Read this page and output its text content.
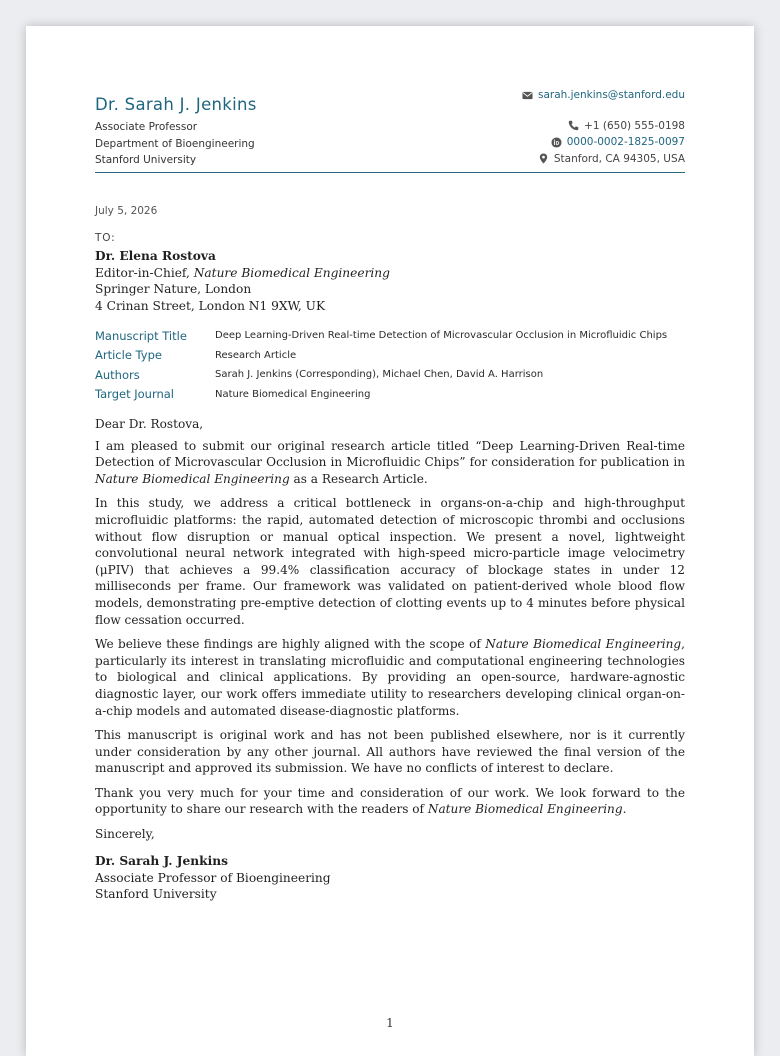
Dr. Sarah J. Jenkins
Associate Professor
Department of Bioengineering
Stanford University
sarah.jenkins@stanford.edu
+1 (650) 555-0198
0000-0002-1825-0097
Stanford, CA 94305, USA
July 5, 2026
TO:
Dr. Elena Rostova
Editor-in-Chief, Nature Biomedical Engineering
Springer Nature, London
4 Crinan Street, London N1 9XW, UK
Manuscript Title	Deep Learning-Driven Real-time Detection of Microvascular Occlusion in Microfluidic Chips
Article Type	Research Article
Authors	Sarah J. Jenkins (Corresponding), Michael Chen, David A. Harrison
Target Journal	Nature Biomedical Engineering

Dear Dr. Rostova,

I am pleased to submit our original research article titled “Deep Learning-Driven Real-time Detection of Microvascular Occlusion in Microfluidic Chips” for consideration for publication in Nature Biomedical Engineering as a Research Article.

In this study, we address a critical bottleneck in organs-on-a-chip and high-throughput microfluidic platforms: the rapid, automated detection of microscopic thrombi and occlusions without flow disruption or manual optical inspection. We present a novel, lightweight convolutional neural network integrated with high-speed micro-particle image velocimetry (μPIV) that achieves a 99.4% classification accuracy of blockage states in under 12 milliseconds per frame. Our framework was validated on patient-derived whole blood flow models, demonstrating pre-emptive detection of clotting events up to 4 minutes before physical flow cessation occurred.

We believe these findings are highly aligned with the scope of Nature Biomedical Engineering, particularly its interest in translating microfluidic and computational engineering technologies to biological and clinical applications. By providing an open-source, hardware-agnostic diagnostic layer, our work offers immediate utility to researchers developing clinical organ-on-a-chip models and automated disease-diagnostic platforms.

This manuscript is original work and has not been published elsewhere, nor is it currently under consideration by any other journal. All authors have reviewed the final version of the manuscript and approved its submission. We have no conflicts of interest to declare.

Thank you very much for your time and consideration of our work. We look forward to the opportunity to share our research with the readers of Nature Biomedical Engineering.

Sincerely,

Dr. Sarah J. Jenkins
Associate Professor of Bioengineering
Stanford University
1
